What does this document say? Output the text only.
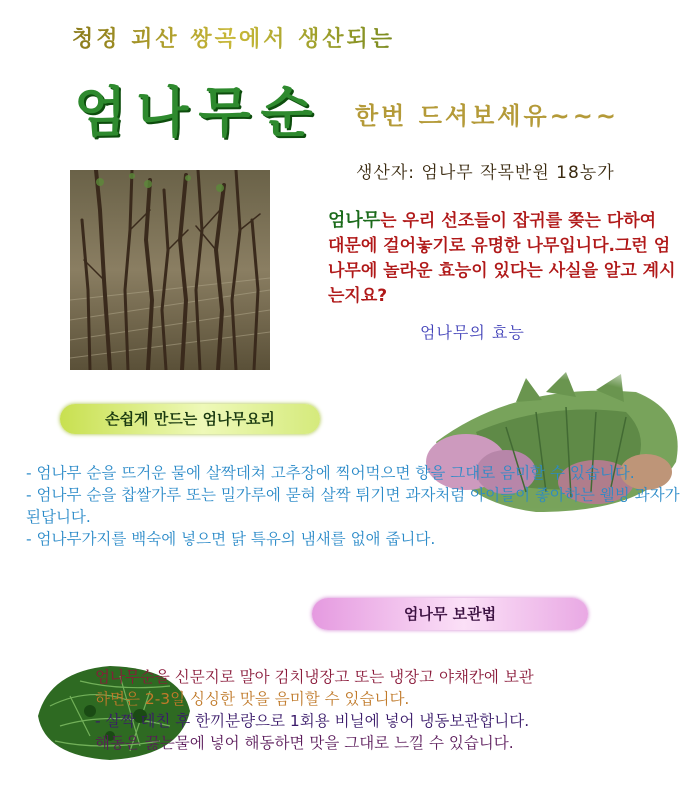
청정 괴산 쌍곡에서 생산되는
엄나무순 한번 드셔보세유~~~
생산자: 엄나무 작목반원 18농가
엄나무는 우리 선조들이 잡귀를 쫒는 다하여 대문에 걸어놓기로 유명한 나무입니다.그런 엄나무에 놀라운 효능이 있다는 사실을 알고 계시는지요?
엄나무의 효능
손쉽게 만드는 엄나무요리

- 엄나무 순을 뜨거운 물에 살짝데쳐 고추장에 찍어먹으면 향을 그대로 음미할 수 있습니다.

- 엄나무 순을 찹쌀가루 또는 밀가루에 묻혀 살짝 튀기면 과자처럼 아이들이 좋아하는 웰빙 과자가 된답니다.

- 엄나무가지를 백숙에 넣으면 닭 특유의 냄새를 없애 줍니다.

엄나무 보관법

엄나무순을 신문지로 말아 김치냉장고 또는 냉장고 야채칸에 보관

하면은 2-3일 싱싱한 맛을 음미할 수 있습니다.

- 살짝 데친 후 한끼분량으로 1회용 비닐에 넣어 냉동보관합니다.

해동은 끓는물에 넣어 해동하면 맛을 그대로 느낄 수 있습니다.
